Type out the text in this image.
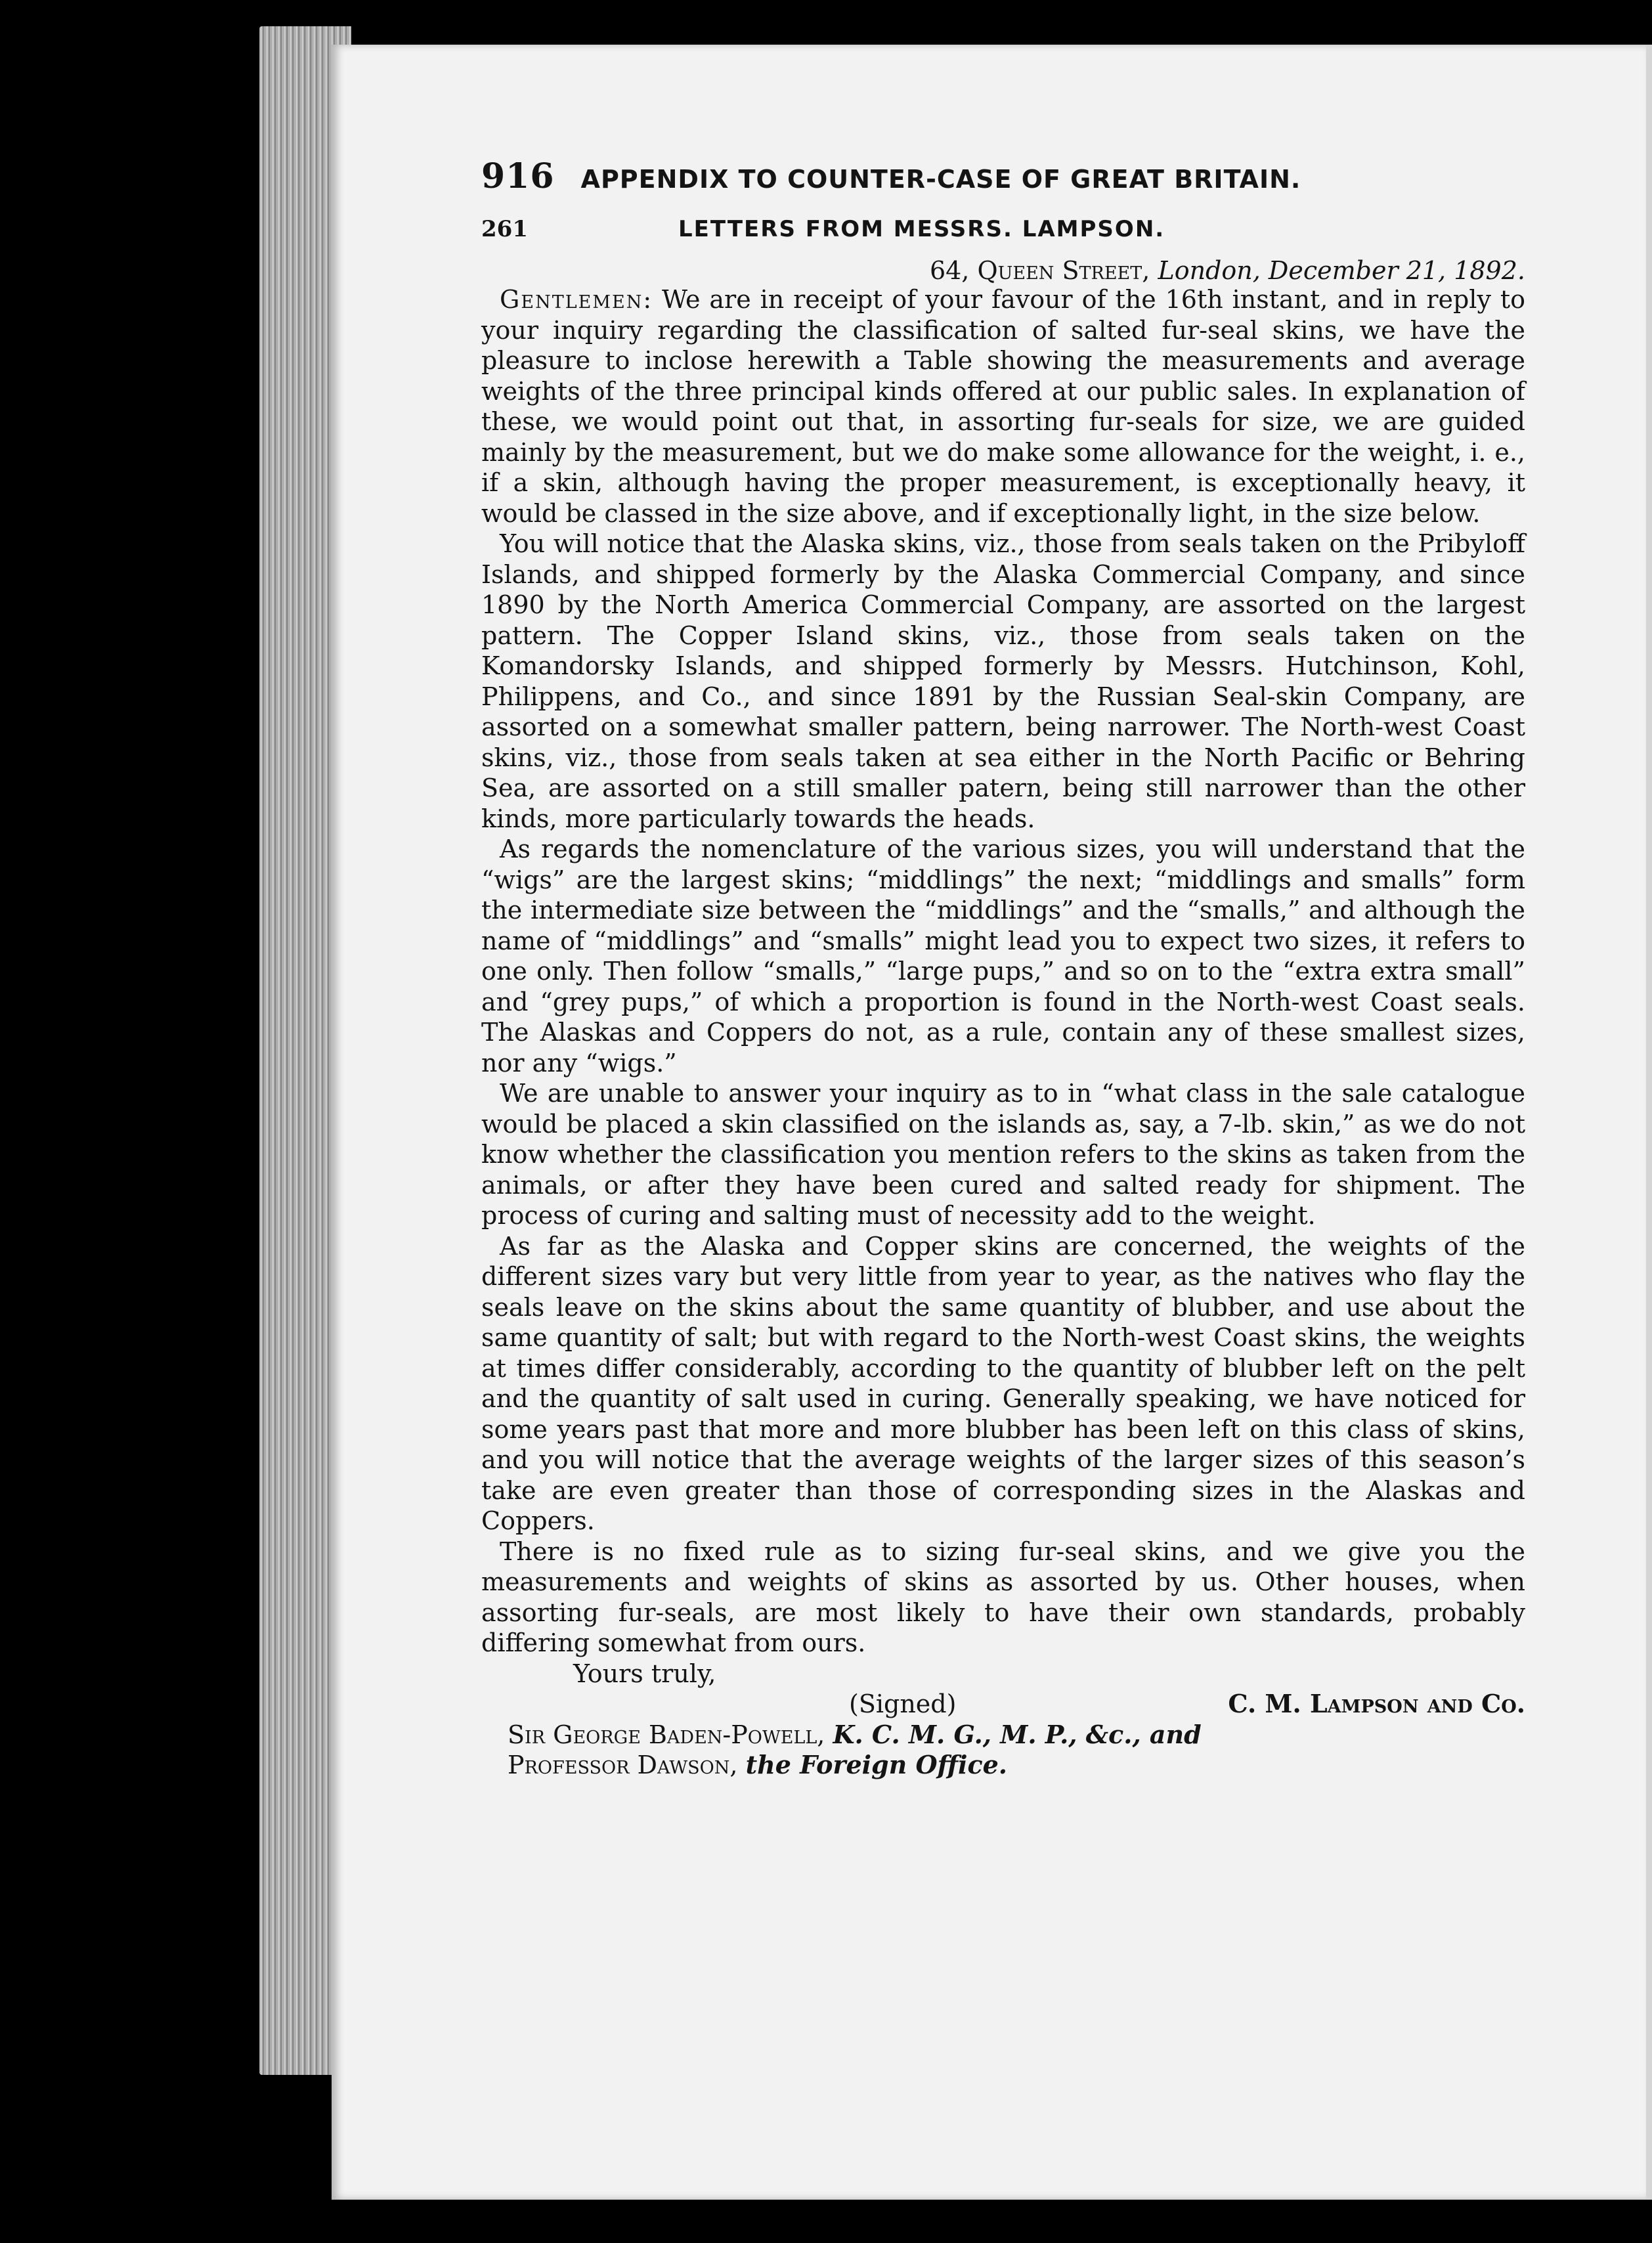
916 APPENDIX TO COUNTER-CASE OF GREAT BRITAIN.
261	LETTERS FROM MESSRS. LAMPSON.
64, Queen Street, London, December 21, 1892.

Gentlemen: We are in receipt of your favour of the 16th instant, and in reply to your inquiry regarding the classification of salted fur-seal skins, we have the pleasure to inclose herewith a Table showing the measurements and average weights of the three principal kinds offered at our public sales. In explanation of these, we would point out that, in assorting fur-seals for size, we are guided mainly by the measurement, but we do make some allowance for the weight, i. e., if a skin, although having the proper measurement, is exceptionally heavy, it would be classed in the size above, and if exceptionally light, in the size below.

You will notice that the Alaska skins, viz., those from seals taken on the Pribyloff Islands, and shipped formerly by the Alaska Commercial Company, and since 1890 by the North America Commercial Company, are assorted on the largest pattern. The Copper Island skins, viz., those from seals taken on the Komandorsky Islands, and shipped formerly by Messrs. Hutchinson, Kohl, Philippens, and Co., and since 1891 by the Russian Seal-skin Company, are assorted on a somewhat smaller pattern, being narrower. The North-west Coast skins, viz., those from seals taken at sea either in the North Pacific or Behring Sea, are assorted on a still smaller patern, being still narrower than the other kinds, more particularly towards the heads.

As regards the nomenclature of the various sizes, you will understand that the “wigs” are the largest skins; “middlings” the next; “middlings and smalls” form the intermediate size between the “middlings” and the “smalls,” and although the name of “middlings” and “smalls” might lead you to expect two sizes, it refers to one only. Then follow “smalls,” “large pups,” and so on to the “extra extra small” and “grey pups,” of which a proportion is found in the North-west Coast seals. The Alaskas and Coppers do not, as a rule, contain any of these smallest sizes, nor any “wigs.”

We are unable to answer your inquiry as to in “what class in the sale catalogue would be placed a skin classified on the islands as, say, a 7-lb. skin,” as we do not know whether the classification you mention refers to the skins as taken from the animals, or after they have been cured and salted ready for shipment. The process of curing and salting must of necessity add to the weight.

As far as the Alaska and Copper skins are concerned, the weights of the different sizes vary but very little from year to year, as the natives who flay the seals leave on the skins about the same quantity of blubber, and use about the same quantity of salt; but with regard to the North-west Coast skins, the weights at times differ considerably, according to the quantity of blubber left on the pelt and the quantity of salt used in curing. Generally speaking, we have noticed for some years past that more and more blubber has been left on this class of skins, and you will notice that the average weights of the larger sizes of this season’s take are even greater than those of corresponding sizes in the Alaskas and Coppers.

There is no fixed rule as to sizing fur-seal skins, and we give you the measurements and weights of skins as assorted by us. Other houses, when assorting fur-seals, are most likely to have their own standards, probably differing somewhat from ours.

Yours truly,
(Signed)	C. M. Lampson and Co.
Sir George Baden-Powell, K. C. M. G., M. P., &c., and
Professor Dawson, the Foreign Office.
